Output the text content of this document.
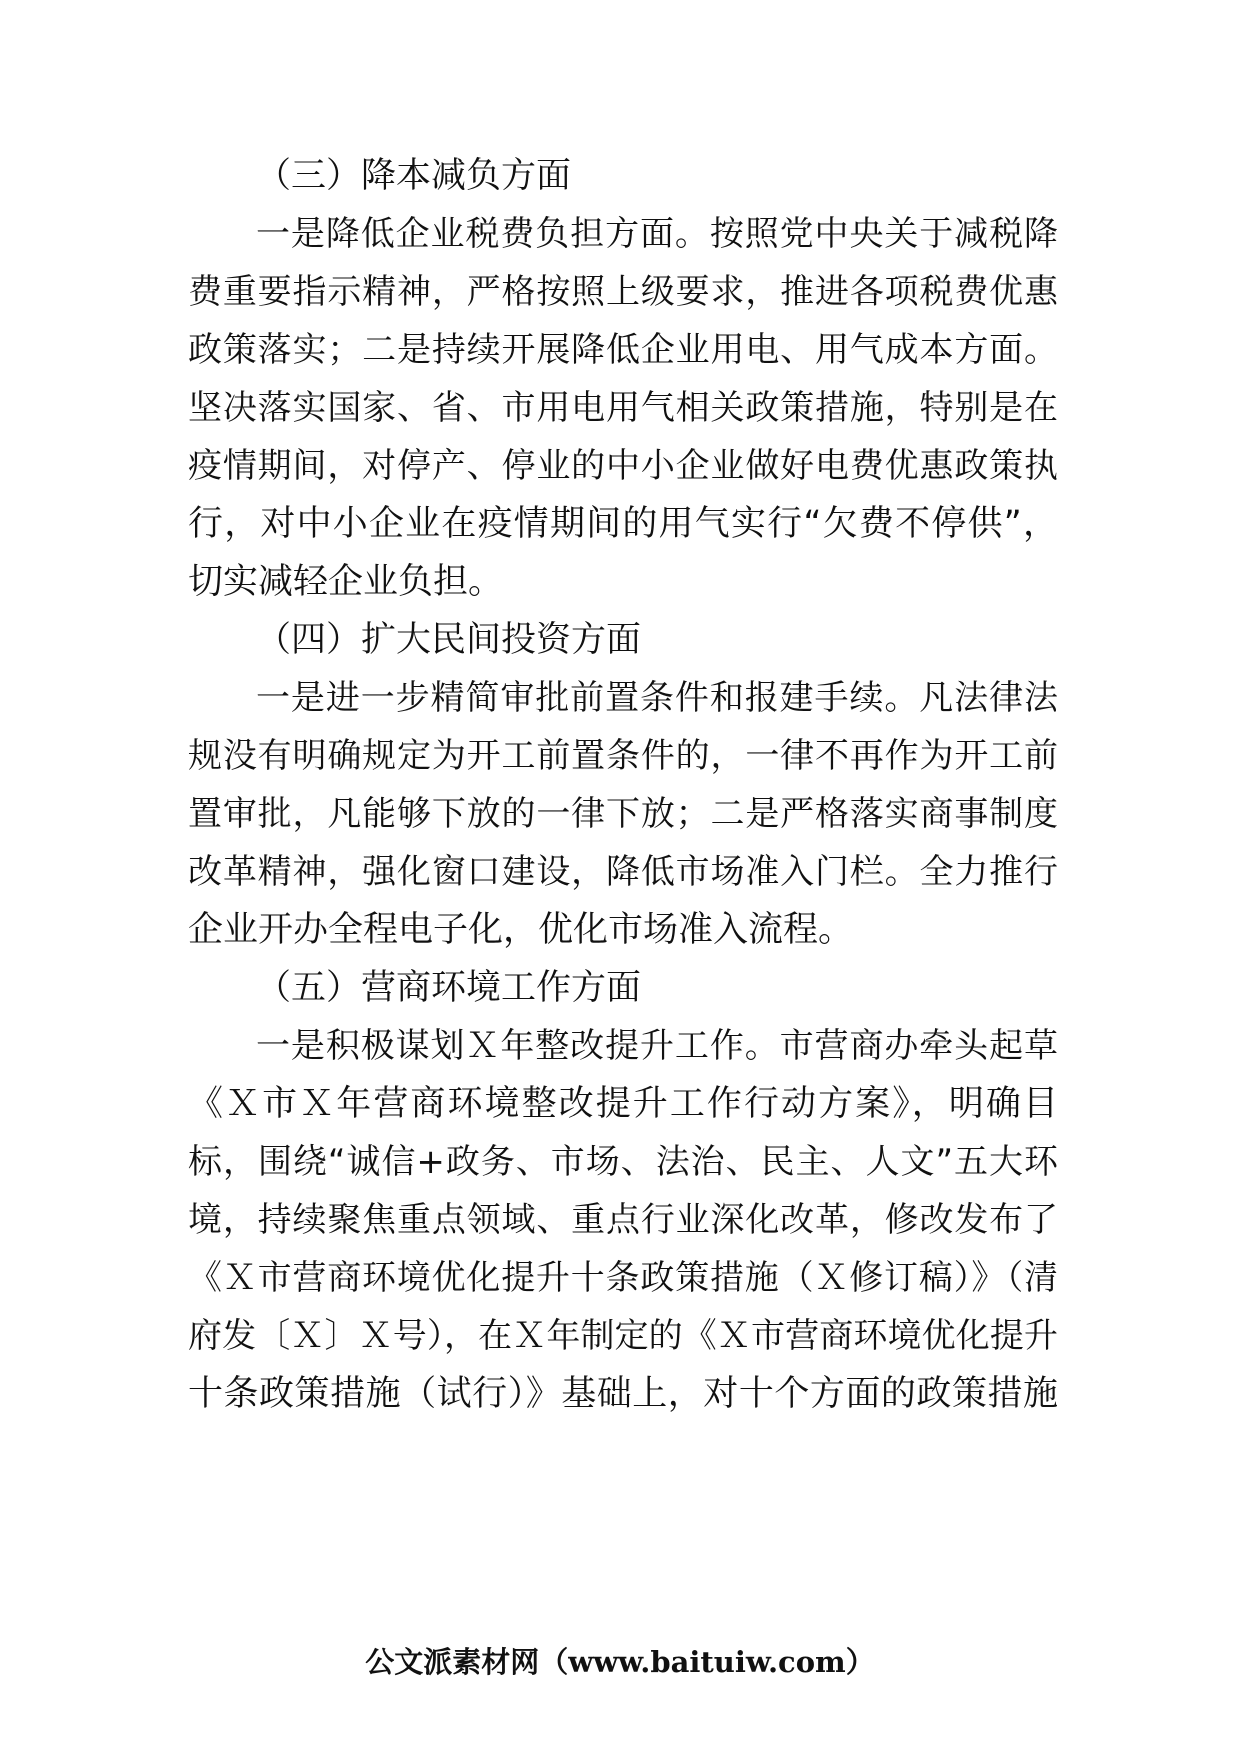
（三）降本减负方面
一是降低企业税费负担方面。按照党中央关于减税降
费重要指示精神，严格按照上级要求，推进各项税费优惠
政策落实；二是持续开展降低企业用电、用气成本方面。
坚决落实国家、省、市用电用气相关政策措施，特别是在
疫情期间，对停产、停业的中小企业做好电费优惠政策执
行，对中小企业在疫情期间的用气实行“欠费不停供”，
切实减轻企业负担。
（四）扩大民间投资方面
一是进一步精简审批前置条件和报建手续。凡法律法
规没有明确规定为开工前置条件的，一律不再作为开工前
置审批，凡能够下放的一律下放；二是严格落实商事制度
改革精神，强化窗口建设，降低市场准入门栏。全力推行
企业开办全程电子化，优化市场准入流程。
（五）营商环境工作方面
一是积极谋划Ｘ年整改提升工作。市营商办牵头起草
《Ｘ市Ｘ年营商环境整改提升工作行动方案》，明确目
标，围绕“诚信+政务、市场、法治、民主、人文”五大环
境，持续聚焦重点领域、重点行业深化改革，修改发布了
《Ｘ市营商环境优化提升十条政策措施（Ｘ修订稿）》（清
府发〔Ｘ〕Ｘ号），在Ｘ年制定的《Ｘ市营商环境优化提升
十条政策措施（试行）》基础上，对十个方面的政策措施
公文派素材网（www.baituiw.com）
